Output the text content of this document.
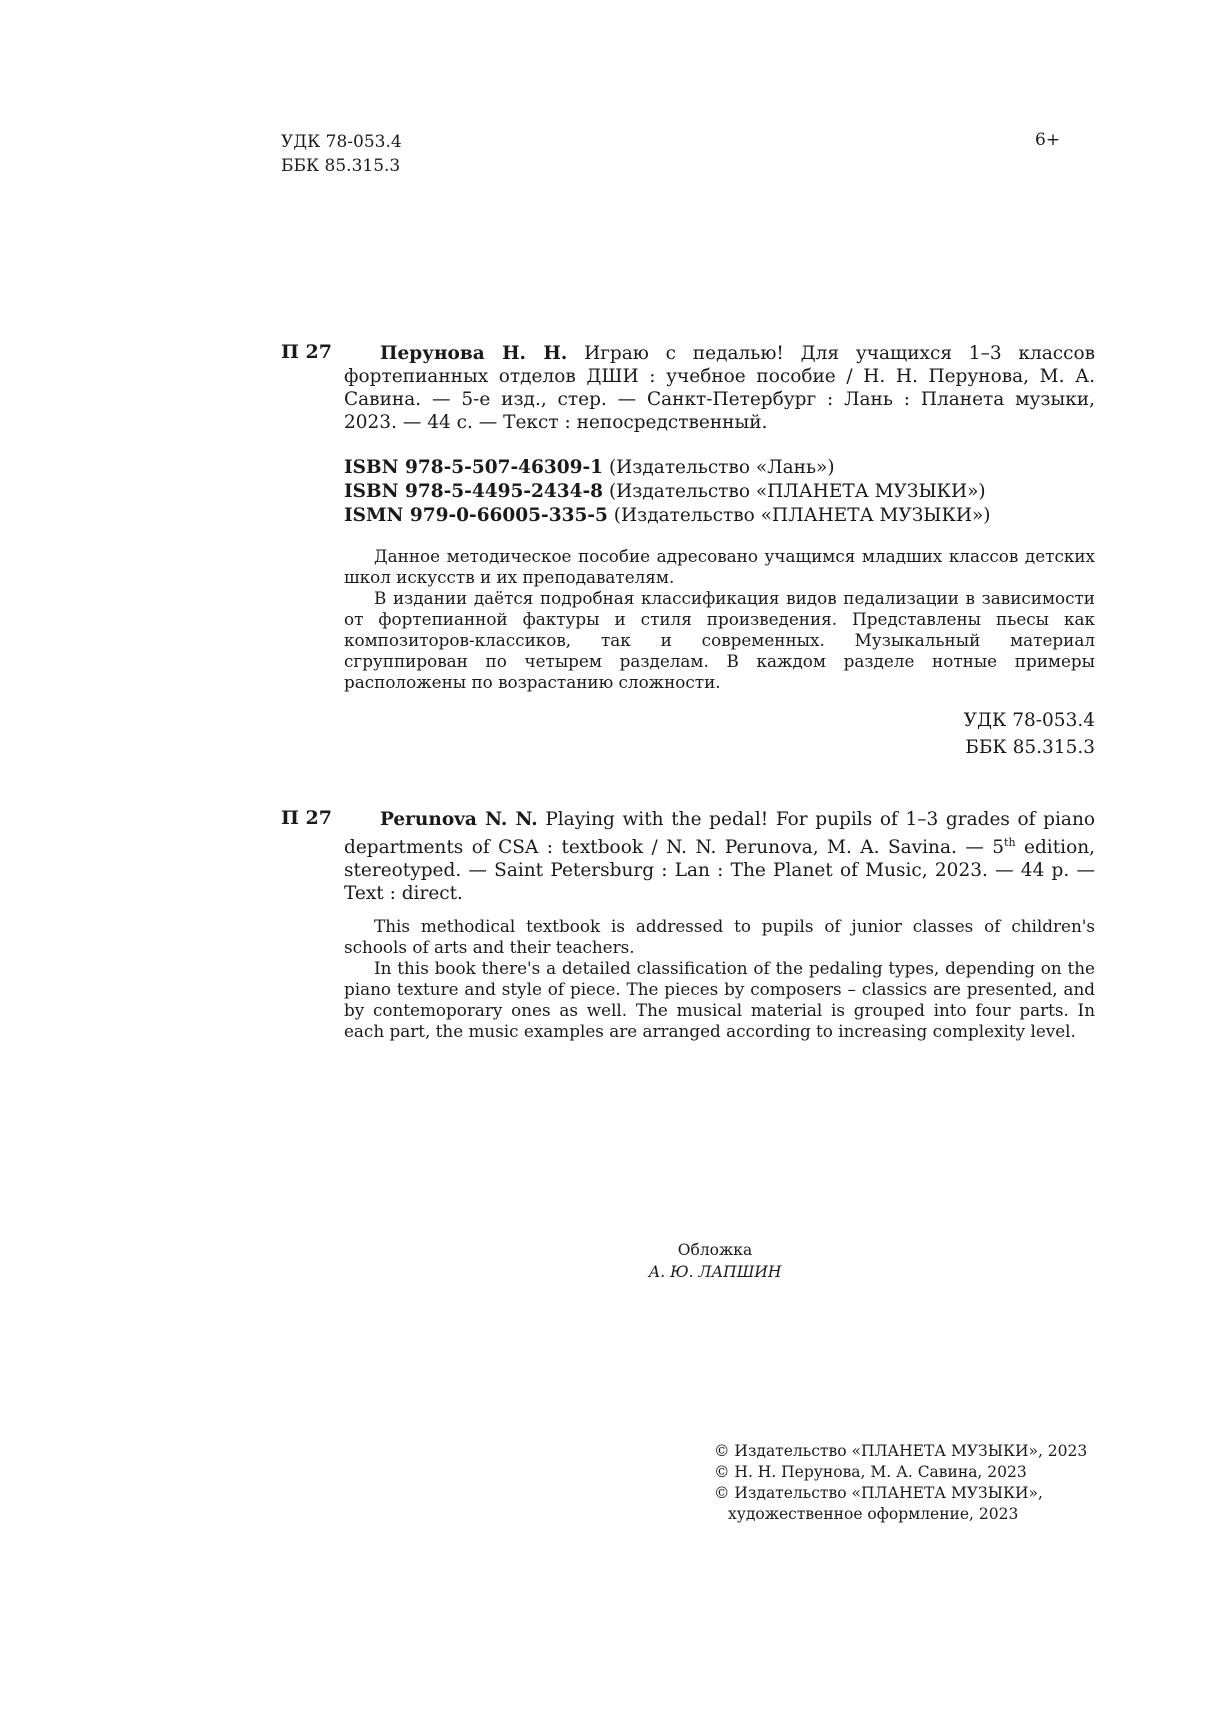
УДК 78-053.4
ББК 85.315.3
6+
П 27	Перунова Н. Н. Играю с педалью! Для учащихся 1–3 классов фортепианных отделов ДШИ : учебное пособие / Н. Н. Перунова, М. А. Савина. — 5-е изд., стер. — Санкт-Петербург : Лань : Планета музыки, 2023. — 44 с. — Текст : непосредственный.
ISBN 978-5-507-46309-1 (Издательство «Лань»)
ISBN 978-5-4495-2434-8 (Издательство «ПЛАНЕТА МУЗЫКИ»)
ISMN 979-0-66005-335-5 (Издательство «ПЛАНЕТА МУЗЫКИ»)

Данное методическое пособие адресовано учащимся младших классов детских школ искусств и их преподавателям.

В издании даётся подробная классификация видов педализации в зависимости от фортепианной фактуры и стиля произведения. Представлены пьесы как композиторов-классиков, так и современных. Музыкальный материал сгруппирован по четырем разделам. В каждом разделе нотные примеры расположены по возрастанию сложности.

УДК 78-053.4
ББК 85.315.3
П 27	Perunova N. N. Playing with the pedal! For pupils of 1–3 grades of piano departments of CSA : textbook / N. N. Perunova, M. A. Savina. — 5th edition, stereotyped. — Saint Petersburg : Lan : The Planet of Music, 2023. — 44 p. — Text : direct.

This methodical textbook is addressed to pupils of junior classes of children's schools of arts and their teachers.

In this book there's a detailed classification of the pedaling types, depending on the piano texture and style of piece. The pieces by composers – classics are presented, and by contemoporary ones as well. The musical material is grouped into four parts. In each part, the music examples are arranged according to increasing complexity level.

Обложка
А. Ю. ЛАПШИН
© Издательство «ПЛАНЕТА МУЗЫКИ», 2023
© Н. Н. Перунова, М. А. Савина, 2023
© Издательство «ПЛАНЕТА МУЗЫКИ», художественное оформление, 2023
